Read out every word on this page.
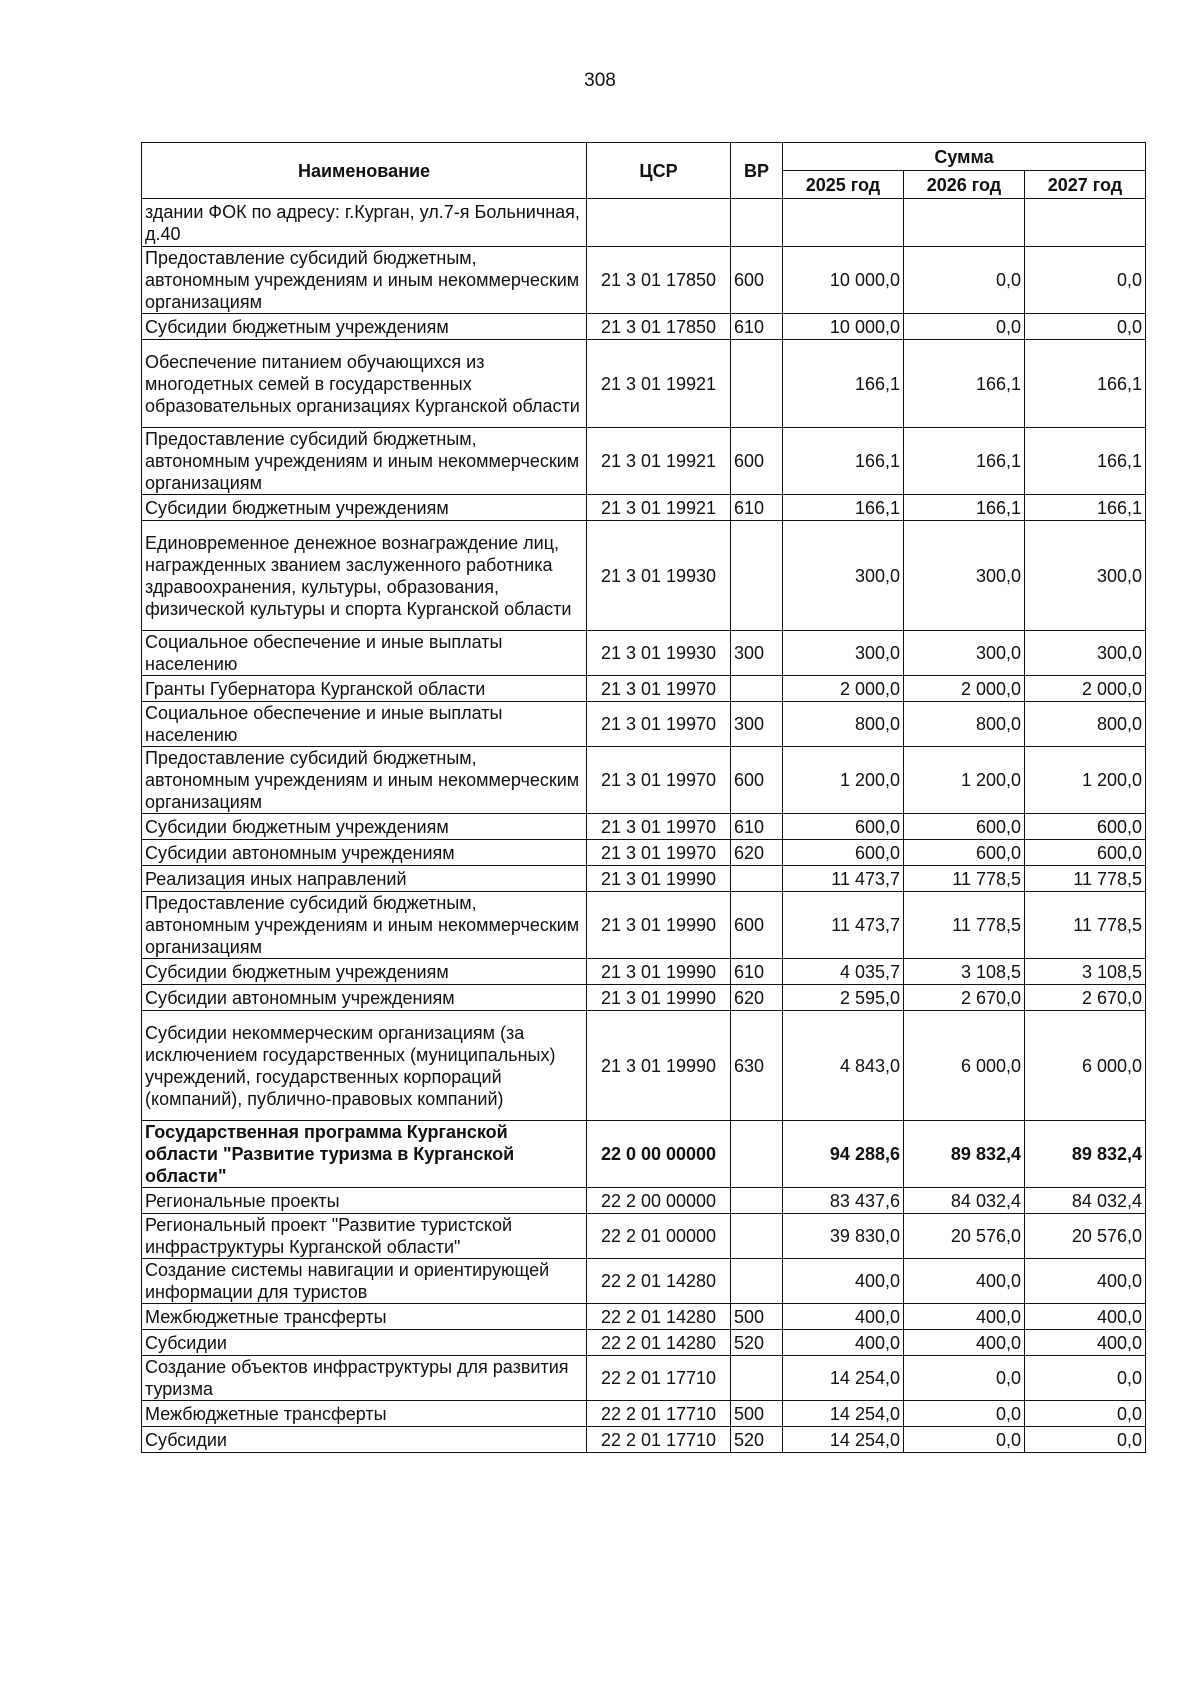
308
Наименование	ЦСР	ВР	Сумма		
			2025 год	2026 год	2027 год
здании ФОК по адресу: г.Курган, ул.7-я Больничная, д.40					
Предоставление субсидий бюджетным, автономным учреждениям и иным некоммерческим организациям	21 3 01 17850	600	10 000,0	0,0	0,0
Субсидии бюджетным учреждениям	21 3 01 17850	610	10 000,0	0,0	0,0
Обеспечение питанием обучающихся из многодетных семей в государственных образовательных организациях Курганской области	21 3 01 19921		166,1	166,1	166,1
Предоставление субсидий бюджетным, автономным учреждениям и иным некоммерческим организациям	21 3 01 19921	600	166,1	166,1	166,1
Субсидии бюджетным учреждениям	21 3 01 19921	610	166,1	166,1	166,1
Единовременное денежное вознаграждение лиц, награжденных званием заслуженного работника здравоохранения, культуры, образования, физической культуры и спорта Курганской области	21 3 01 19930		300,0	300,0	300,0
Социальное обеспечение и иные выплаты населению	21 3 01 19930	300	300,0	300,0	300,0
Гранты Губернатора Курганской области	21 3 01 19970		2 000,0	2 000,0	2 000,0
Социальное обеспечение и иные выплаты населению	21 3 01 19970	300	800,0	800,0	800,0
Предоставление субсидий бюджетным, автономным учреждениям и иным некоммерческим организациям	21 3 01 19970	600	1 200,0	1 200,0	1 200,0
Субсидии бюджетным учреждениям	21 3 01 19970	610	600,0	600,0	600,0
Субсидии автономным учреждениям	21 3 01 19970	620	600,0	600,0	600,0
Реализация иных направлений	21 3 01 19990		11 473,7	11 778,5	11 778,5
Предоставление субсидий бюджетным, автономным учреждениям и иным некоммерческим организациям	21 3 01 19990	600	11 473,7	11 778,5	11 778,5
Субсидии бюджетным учреждениям	21 3 01 19990	610	4 035,7	3 108,5	3 108,5
Субсидии автономным учреждениям	21 3 01 19990	620	2 595,0	2 670,0	2 670,0
Субсидии некоммерческим организациям (за исключением государственных (муниципальных) учреждений, государственных корпораций (компаний), публично-правовых компаний)	21 3 01 19990	630	4 843,0	6 000,0	6 000,0
Государственная программа Курганской области "Развитие туризма в Курганской области"	22 0 00 00000		94 288,6	89 832,4	89 832,4
Региональные проекты	22 2 00 00000		83 437,6	84 032,4	84 032,4
Региональный проект "Развитие туристской инфраструктуры Курганской области"	22 2 01 00000		39 830,0	20 576,0	20 576,0
Создание системы навигации и ориентирующей информации для туристов	22 2 01 14280		400,0	400,0	400,0
Межбюджетные трансферты	22 2 01 14280	500	400,0	400,0	400,0
Субсидии	22 2 01 14280	520	400,0	400,0	400,0
Создание объектов инфраструктуры для развития туризма	22 2 01 17710		14 254,0	0,0	0,0
Межбюджетные трансферты	22 2 01 17710	500	14 254,0	0,0	0,0
Субсидии	22 2 01 17710	520	14 254,0	0,0	0,0
